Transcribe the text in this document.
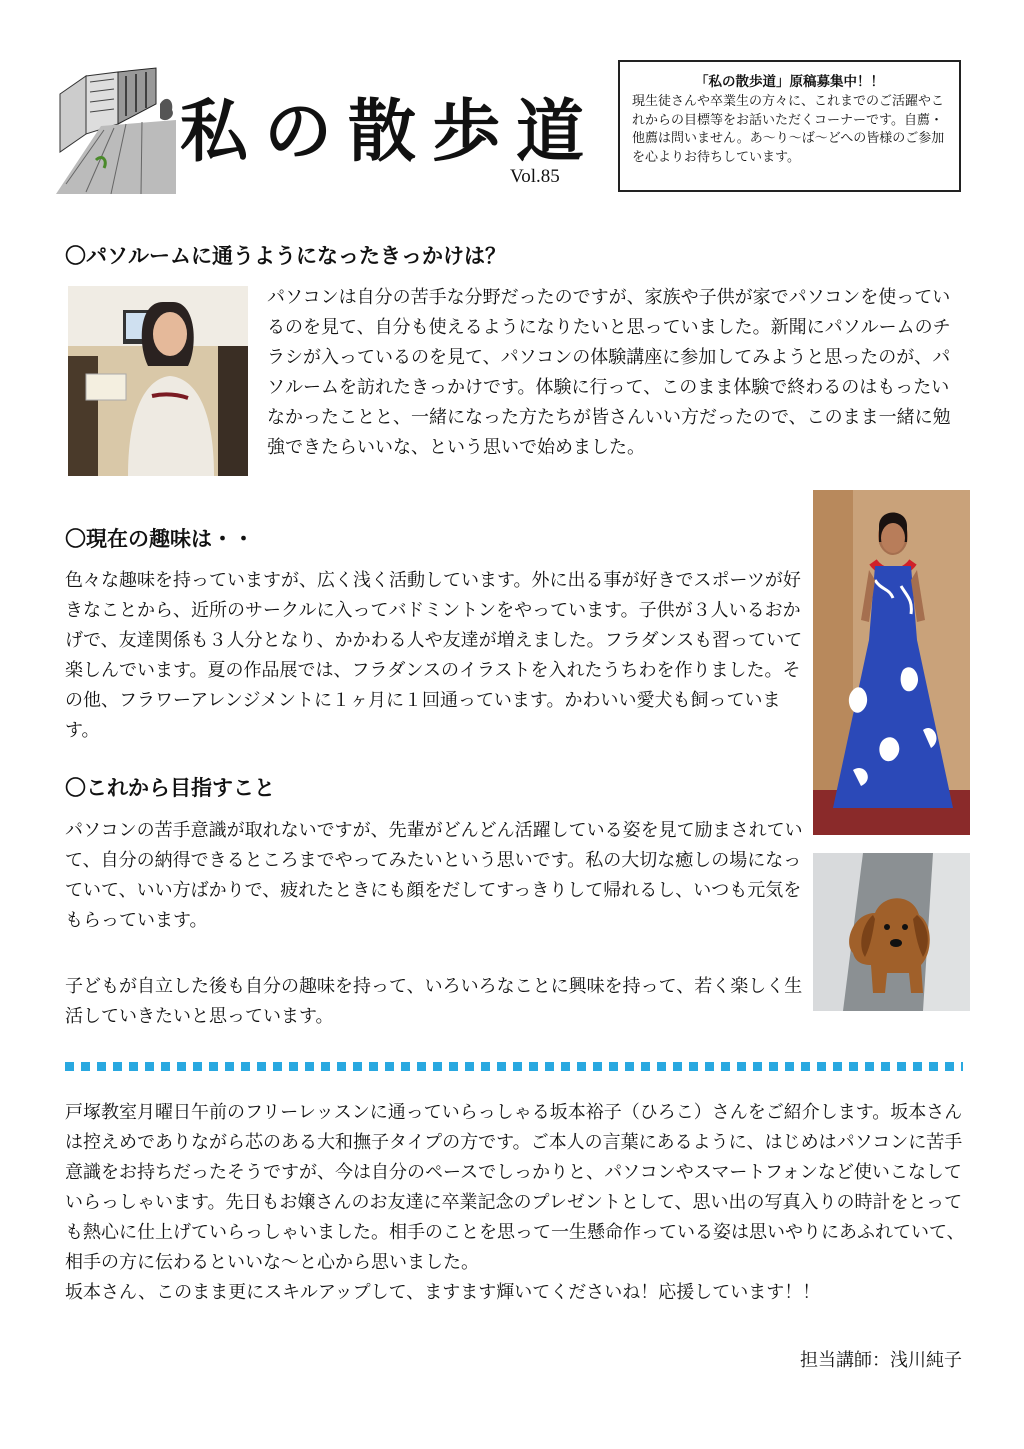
私の散歩道
Vol.85
「私の散歩道」原稿募集中！！
現生徒さんや卒業生の方々に、これまでのご活躍やこれからの目標等をお話いただくコーナーです。自薦・他薦は問いません。あ〜り〜ば〜どへの皆様のご参加を心よりお待ちしています。
〇パソルームに通うようになったきっかけは？
パソコンは自分の苦手な分野だったのですが、家族や子供が家でパソコンを使っているのを見て、自分も使えるようになりたいと思っていました。新聞にパソルームのチラシが入っているのを見て、パソコンの体験講座に参加してみようと思ったのが、パソルームを訪れたきっかけです。体験に行って、このまま体験で終わるのはもったいなかったことと、一緒になった方たちが皆さんいい方だったので、このまま一緒に勉強できたらいいな、という思いで始めました。
〇現在の趣味は・・
色々な趣味を持っていますが、広く浅く活動しています。外に出る事が好きでスポーツが好きなことから、近所のサークルに入ってバドミントンをやっています。子供が３人いるおかげで、友達関係も３人分となり、かかわる人や友達が増えました。フラダンスも習っていて楽しんでいます。夏の作品展では、フラダンスのイラストを入れたうちわを作りました。その他、フラワーアレンジメントに１ヶ月に１回通っています。かわいい愛犬も飼っています。
〇これから目指すこと
パソコンの苦手意識が取れないですが、先輩がどんどん活躍している姿を見て励まされていて、自分の納得できるところまでやってみたいという思いです。私の大切な癒しの場になっていて、いい方ばかりで、疲れたときにも顔をだしてすっきりして帰れるし、いつも元気をもらっています。
子どもが自立した後も自分の趣味を持って、いろいろなことに興味を持って、若く楽しく生活していきたいと思っています。
戸塚教室月曜日午前のフリーレッスンに通っていらっしゃる坂本裕子（ひろこ）さんをご紹介します。坂本さんは控えめでありながら芯のある大和撫子タイプの方です。ご本人の言葉にあるように、はじめはパソコンに苦手意識をお持ちだったそうですが、今は自分のペースでしっかりと、パソコンやスマートフォンなど使いこなしていらっしゃいます。先日もお嬢さんのお友達に卒業記念のプレゼントとして、思い出の写真入りの時計をとっても熱心に仕上げていらっしゃいました。相手のことを思って一生懸命作っている姿は思いやりにあふれていて、相手の方に伝わるといいな〜と心から思いました。
坂本さん、このまま更にスキルアップして、ますます輝いてくださいね！応援しています！！
担当講師：浅川純子
